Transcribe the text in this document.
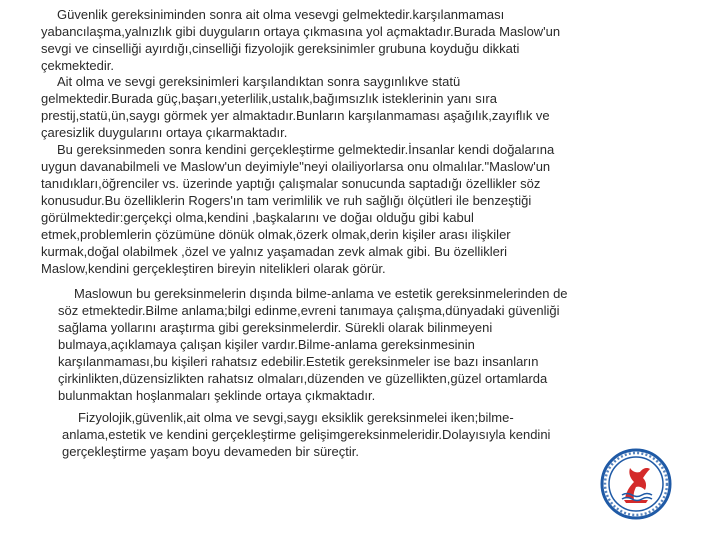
Güvenlik gereksiniminden sonra ait olma vesevgi gelmektedir.karşılanmaması
yabancılaşma,yalnızlık gibi duyguların ortaya çıkmasına yol açmaktadır.Burada Maslow'un
sevgi ve cinselliği ayırdığı,cinselliği fizyolojik gereksinimler grubuna koyduğu dikkati
çekmektedir.
Ait olma ve sevgi gereksinimleri karşılandıktan sonra saygınlıkve statü
gelmektedir.Burada güç,başarı,yeterlilik,ustalık,bağımsızlık isteklerinin yanı sıra
prestij,statü,ün,saygı görmek yer almaktadır.Bunların karşılanmaması aşağılık,zayıflık ve
çaresizlik duygularını ortaya çıkarmaktadır.
Bu gereksinmeden sonra kendini gerçekleştirme gelmektedir.İnsanlar kendi doğalarına
uygun davanabilmeli ve Maslow'un deyimiyle"neyi olailiyorlarsa onu olmalılar."Maslow'un
tanıdıkları,öğrenciler vs. üzerinde yaptığı çalışmalar sonucunda saptadığı özellikler söz
konusudur.Bu özelliklerin Rogers'ın tam verimlilik ve ruh sağlığı ölçütleri ile benzeştiği
görülmektedir:gerçekçi olma,kendini ,başkalarını ve doğaı olduğu gibi kabul
etmek,problemlerin çözümüne dönük olmak,özerk olmak,derin kişiler arası ilişkiler
kurmak,doğal olabilmek ,özel ve yalnız yaşamadan zevk almak gibi. Bu özellikleri
Maslow,kendini gerçekleştiren bireyin nitelikleri olarak görür.
Maslowun bu gereksinmelerin dışında bilme-anlama ve estetik gereksinmelerinden de
söz etmektedir.Bilme anlama;bilgi edinme,evreni tanımaya çalışma,dünyadaki güvenliği
sağlama yollarını araştırma gibi gereksinmelerdir. Sürekli olarak bilinmeyeni
bulmaya,açıklamaya çalışan kişiler vardır.Bilme-anlama gereksinmesinin
karşılanmaması,bu kişileri rahatsız edebilir.Estetik gereksinmeler ise bazı insanların
çirkinlikten,düzensizlikten rahatsız olmaları,düzenden ve güzellikten,güzel ortamlarda
bulunmaktan hoşlanmaları şeklinde ortaya çıkmaktadır.
Fizyolojik,güvenlik,ait olma ve sevgi,saygı eksiklik gereksinmelei iken;bilme-
anlama,estetik ve kendini gerçekleştirme gelişimgereksinmeleridir.Dolayısıyla kendini
gerçekleştirme yaşam boyu devameden bir süreçtir.
